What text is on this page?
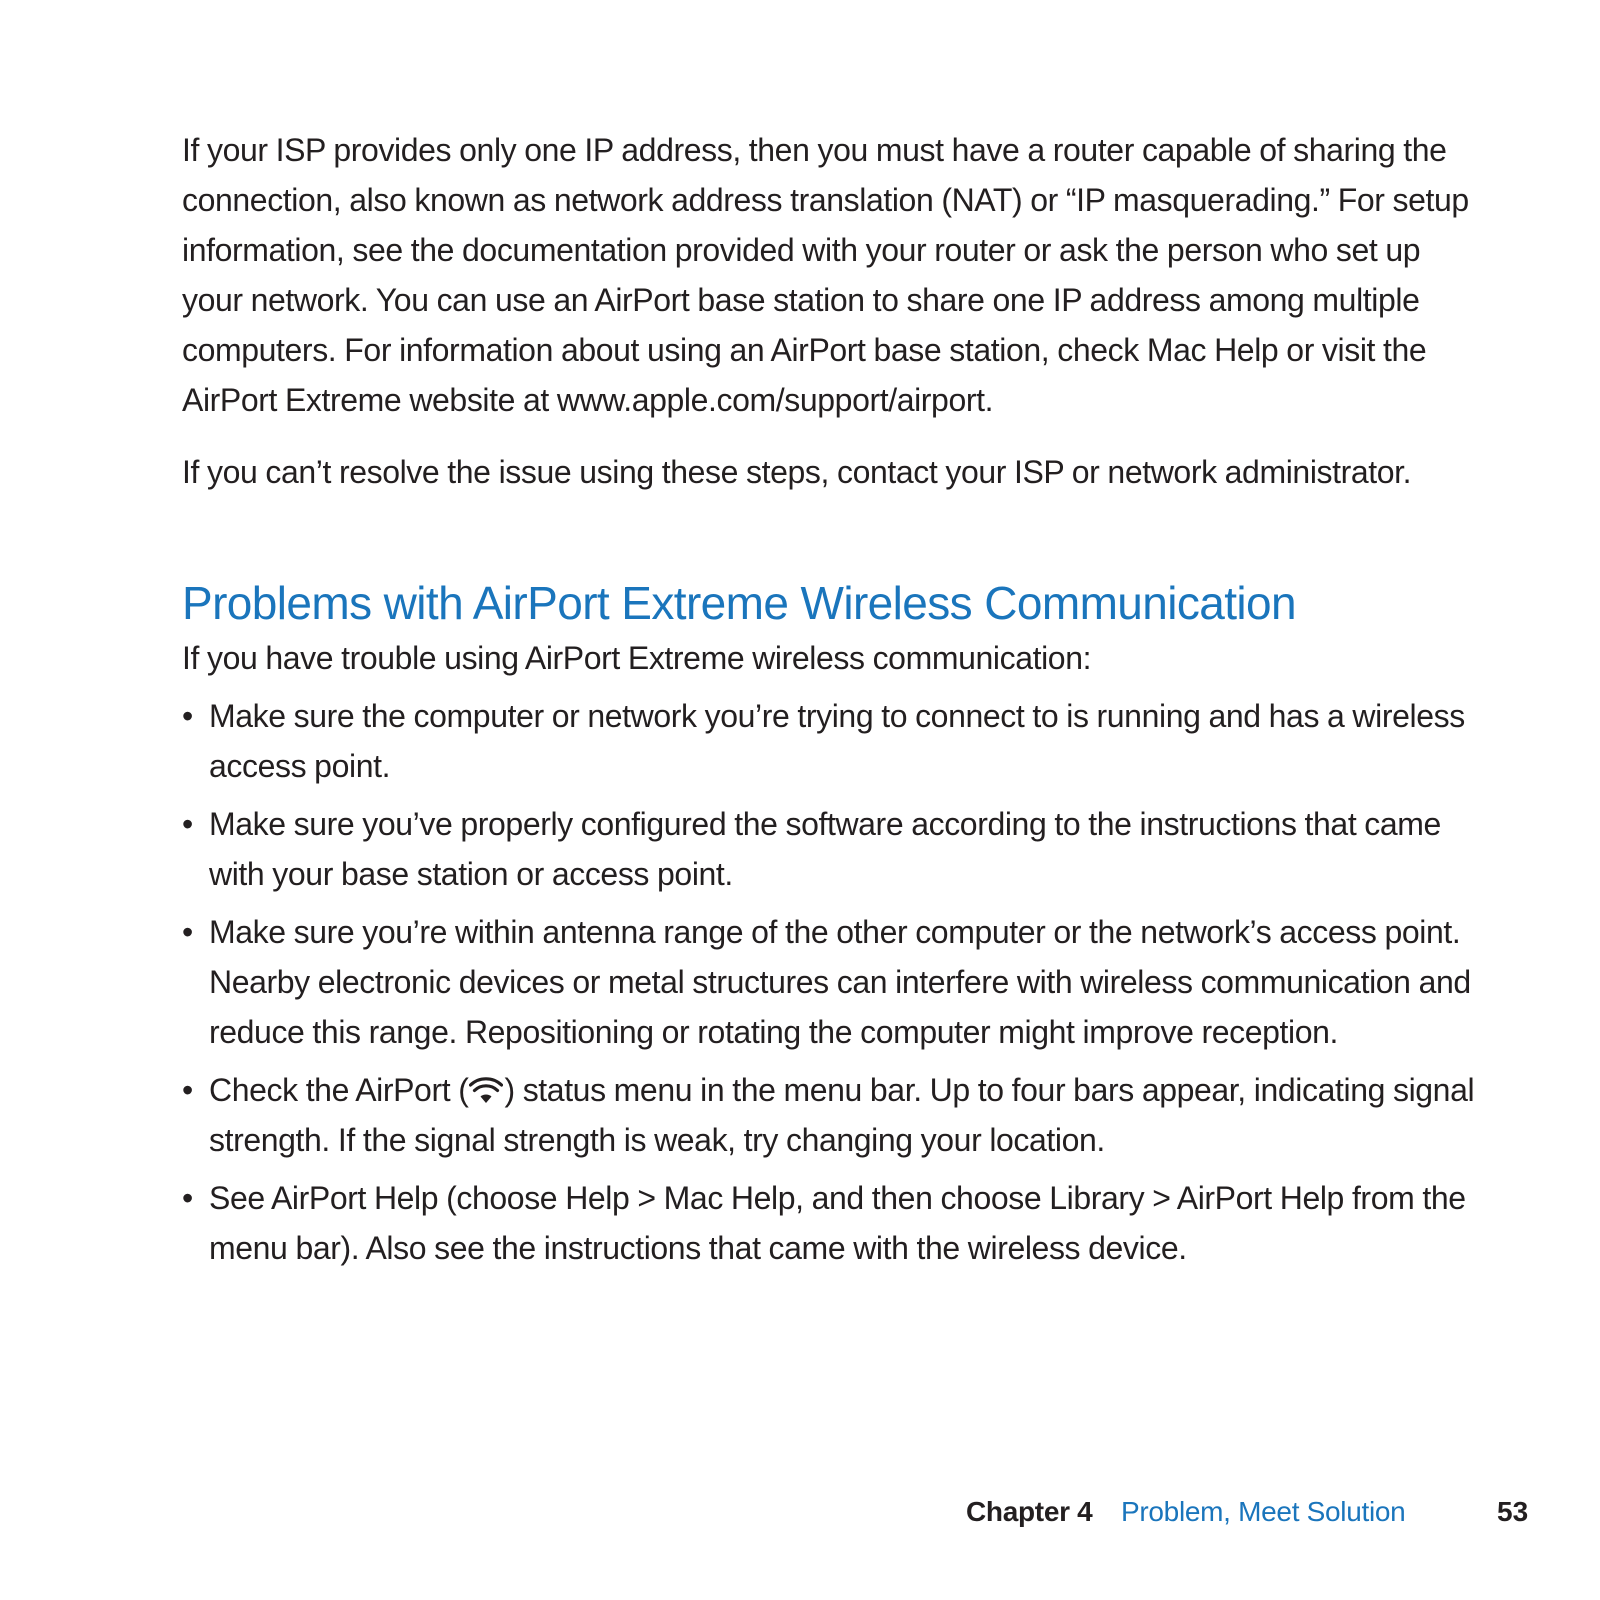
If your ISP provides only one IP address, then you must have a router capable of sharing the connection, also known as network address translation (NAT) or “IP masquerading.” For setup information, see the documentation provided with your router or ask the person who set up your network. You can use an AirPort base station to share one IP address among multiple computers. For information about using an AirPort base station, check Mac Help or visit the AirPort Extreme website at www.apple.com/support/airport.

If you can’t resolve the issue using these steps, contact your ISP or network administrator.

Problems with AirPort Extreme Wireless Communication

If you have trouble using AirPort Extreme wireless communication:

• Make sure the computer or network you’re trying to connect to is running and has a wireless access point.
• Make sure you’ve properly configured the software according to the instructions that came with your base station or access point.
• Make sure you’re within antenna range of the other computer or the network’s access point. Nearby electronic devices or metal structures can interfere with wireless communication and reduce this range. Repositioning or rotating the computer might improve reception.
• Check the AirPort ( ) status menu in the menu bar. Up to four bars appear, indicating signal strength. If the signal strength is weak, try changing your location.
• See AirPort Help (choose Help > Mac Help, and then choose Library > AirPort Help from the menu bar). Also see the instructions that came with the wireless device.
Chapter 4 Problem, Meet Solution	53
